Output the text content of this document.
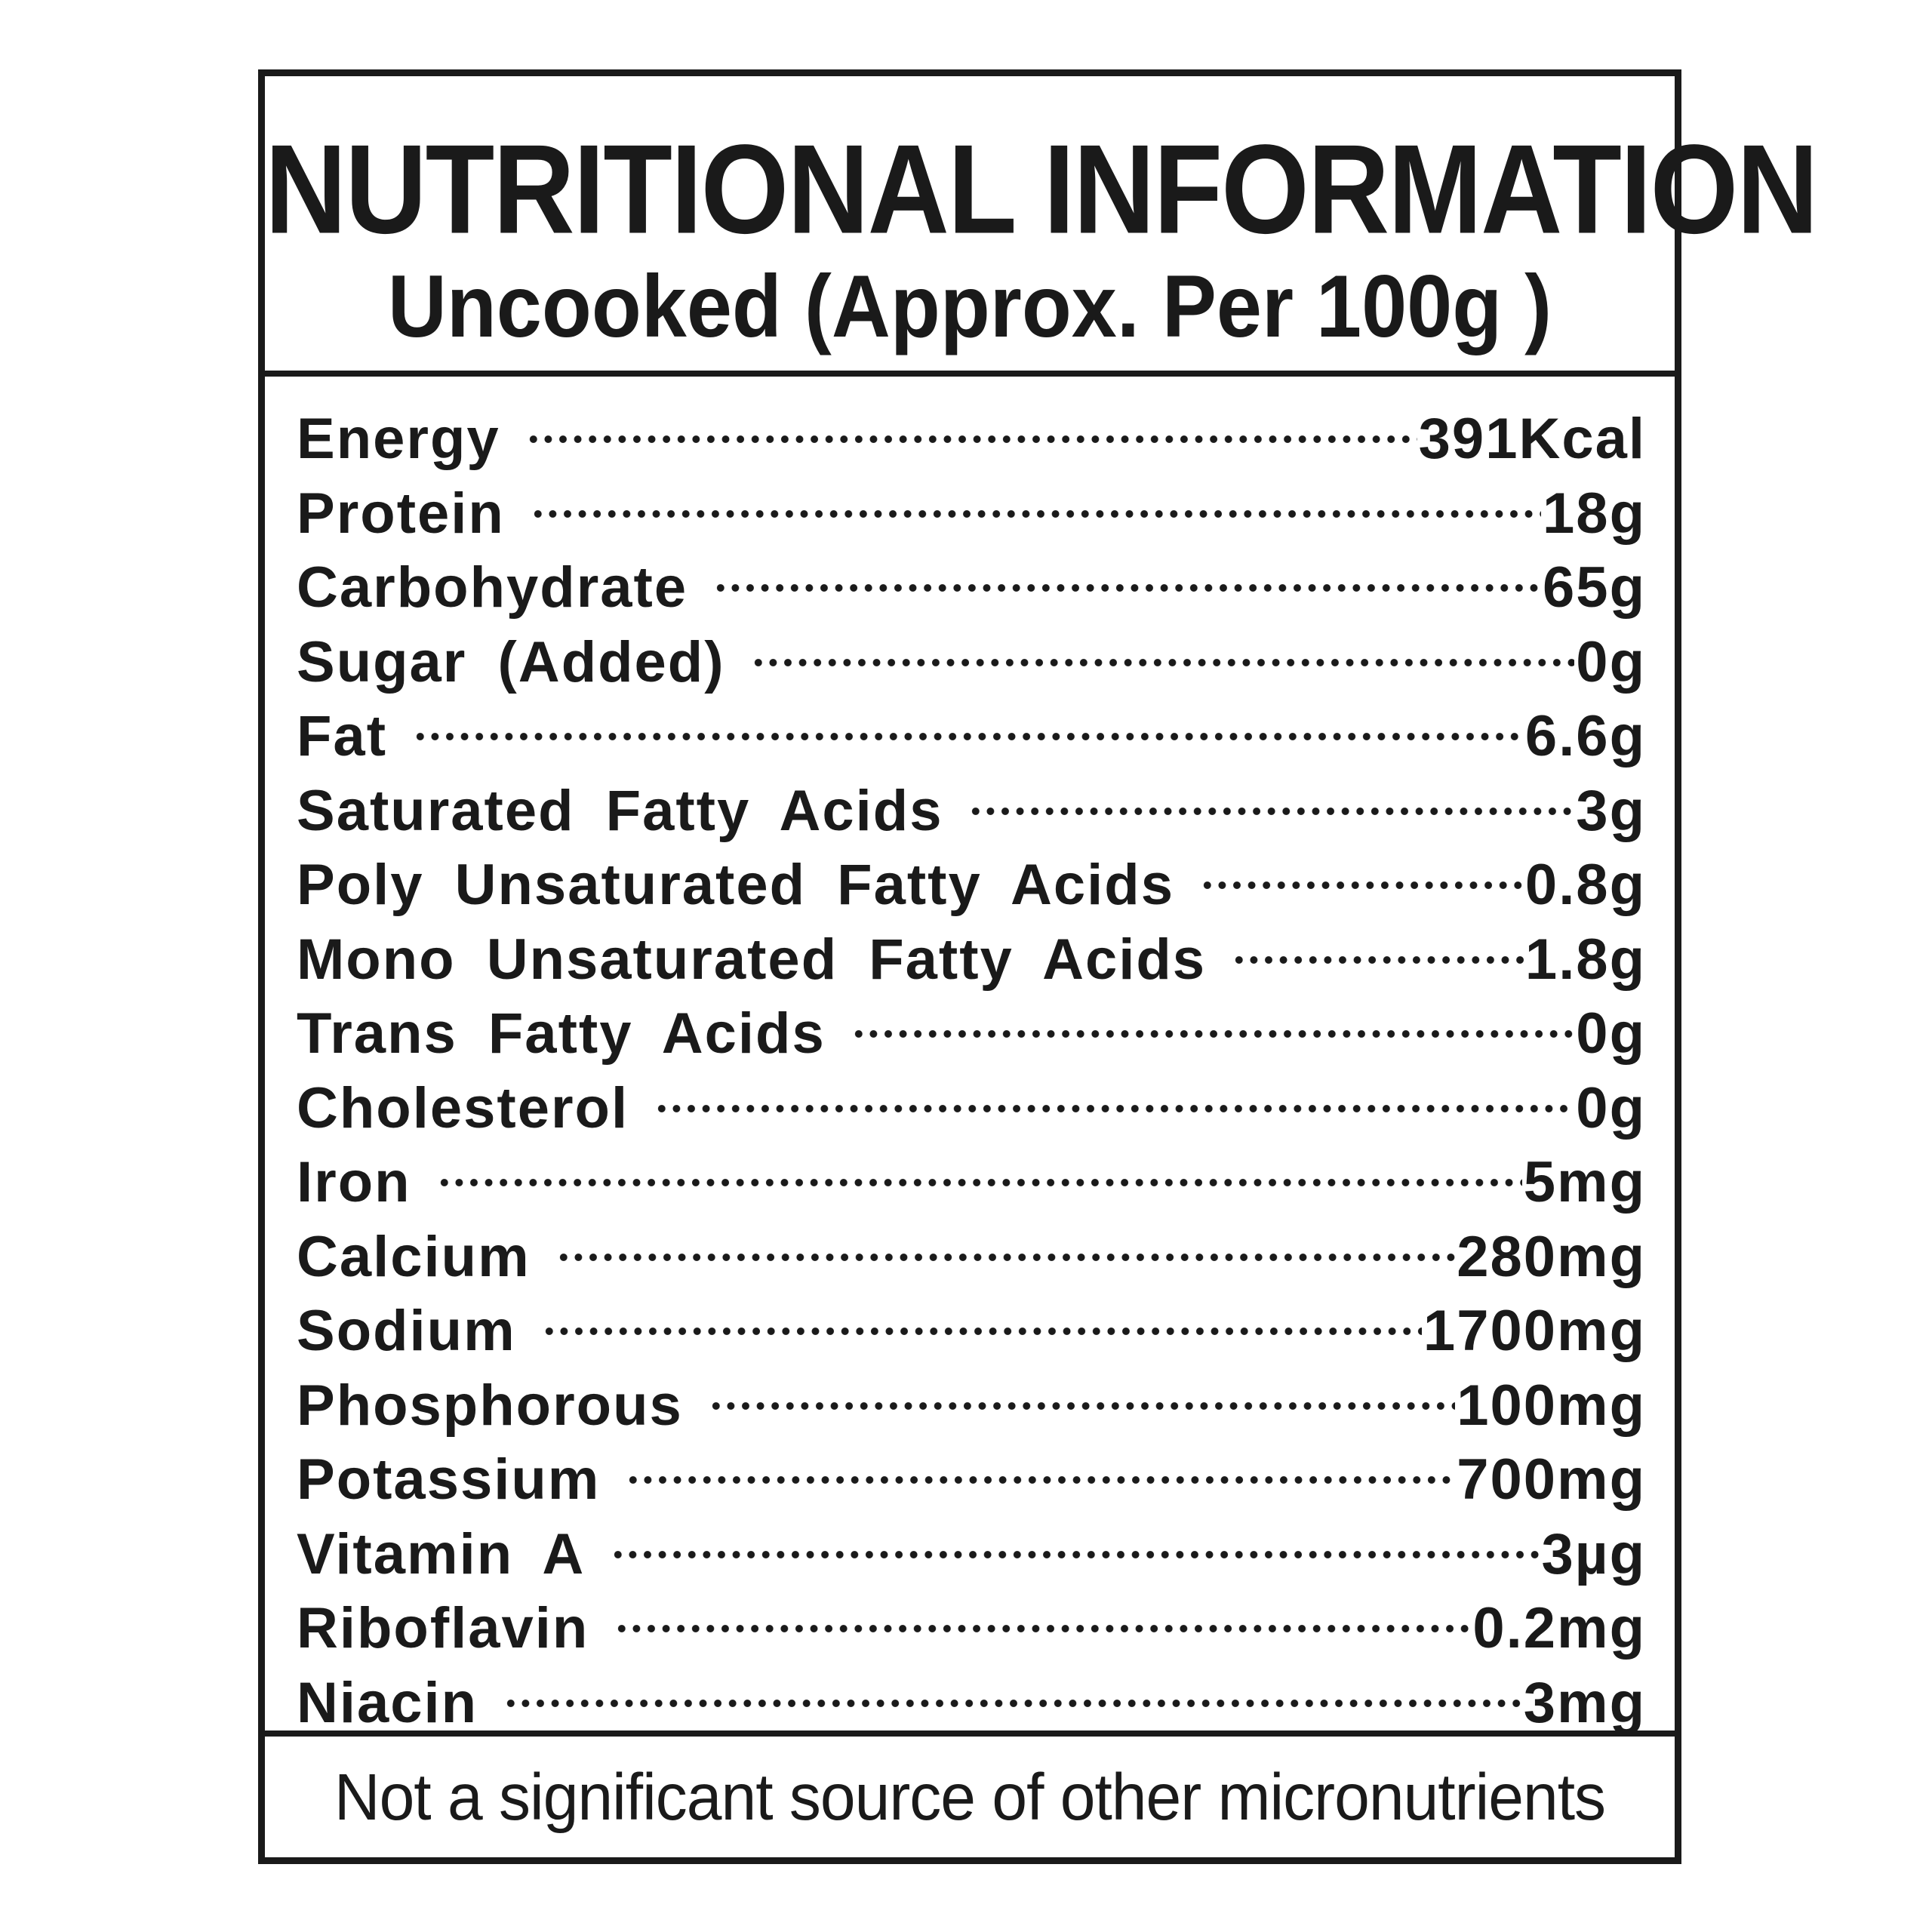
NUTRITIONAL INFORMATION
Uncooked (Approx. Per 100g )
Energy	391Kcal
Protein	18g
Carbohydrate	65g
Sugar (Added)	0g
Fat	6.6g
Saturated Fatty Acids	3g
Poly Unsaturated Fatty Acids	0.8g
Mono Unsaturated Fatty Acids	1.8g
Trans Fatty Acids	0g
Cholesterol	0g
Iron	5mg
Calcium	280mg
Sodium	1700mg
Phosphorous	100mg
Potassium	700mg
Vitamin A	3µg
Riboflavin	0.2mg
Niacin	3mg
Not a significant source of other micronutrients
